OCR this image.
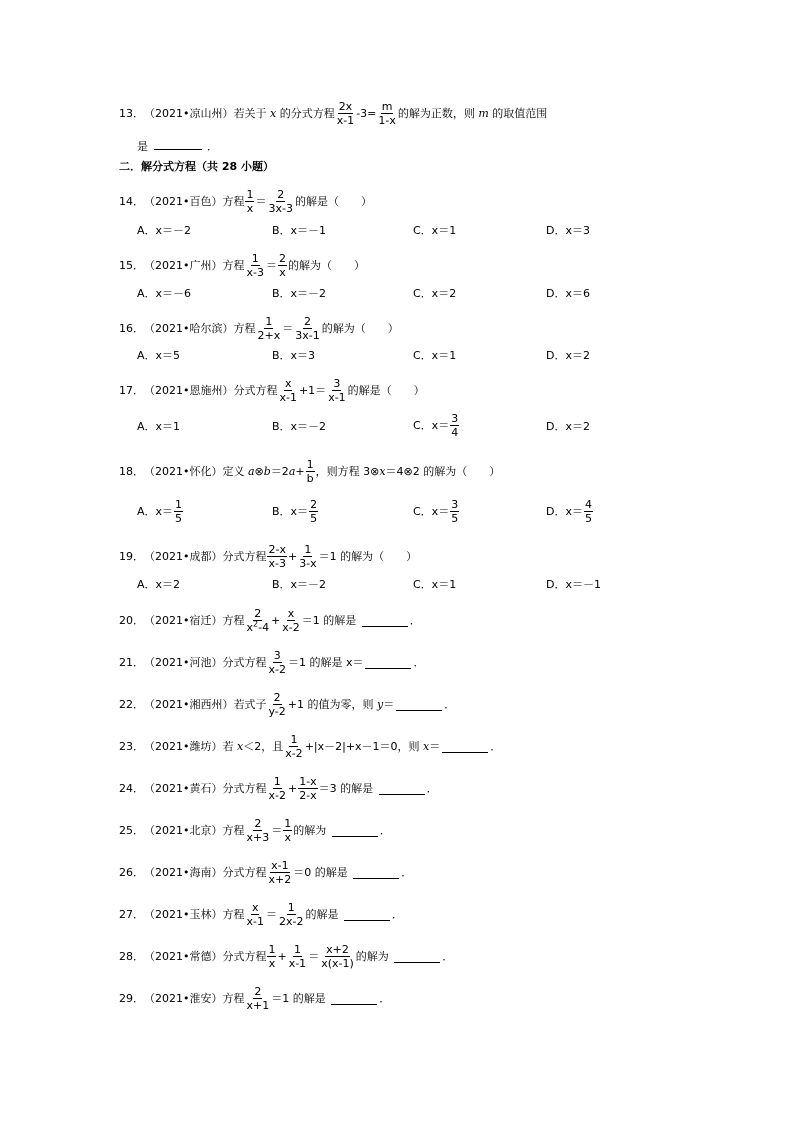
13． （2021•凉山州） 若关于 x 的分式方程 $\frac{2x}{x-1} -3= \frac{m}{1-x}$ 的解为正数，则 m 的取值范围
是	．
二．解分式方程（共 28 小题）
14． （2021•百色） 方程 $\frac{1}{x} = \frac{2}{3x-3}$ 的解是（　　）
A．x＝－2	B．x＝－1	C．x＝1	D．x＝3
15． （2021•广州） 方程 $\frac{1}{x-3} = \frac{2}{x}$ 的解为（　　）
A．x＝－6	B．x＝－2	C．x＝2	D．x＝6
16． （2021•哈尔滨） 方程 $\frac{1}{2+x} = \frac{2}{3x-1}$ 的解为（　　）
A．x＝5	B．x＝3	C．x＝1	D．x＝2
17． （2021•恩施州） 分式方程 $\frac{x}{x-1} +1= \frac{3}{x-1}$ 的解是（　　）
A．x＝1	B．x＝－2	C．$x= \frac{3}{4}$	D．x＝2
18． （2021•怀化） 定义 a ⊗ b ＝2 $a + \frac{1}{b}$ ，则方程 3⊗ x ＝4⊗2 的解为（　　）
A．$x= \frac{1}{5}$	B．$x= \frac{2}{5}$	C．$x= \frac{3}{5}$	D．$x= \frac{4}{5}$
19． （2021•成都） 分式方程 $\frac{2-x}{x-3} + \frac{1}{3-x} =1$ 的解为（　　）
A．x＝2	B．x＝－2	C．x＝1	D．x＝－1
20． （2021•宿迁） 方程 $\frac{2}{x^2-4} + \frac{x}{x-2} =1$ 的解是	．
21． （2021•河池） 分式方程 $\frac{3}{x-2} =1$ 的解是 x＝	．
22． （2021•湘西州） 若式子 $\frac{2}{y-2} +1$ 的值为零，则 y ＝	．
23． （2021•潍坊） 若 x ＜2，且 $\frac{1}{x-2} +|x-2|+x-1=0$，则 x ＝	．
24． （2021•黄石） 分式方程 $\frac{1}{x-2} + \frac{1-x}{2-x} =3$ 的解是	．
25． （2021•北京） 方程 $\frac{2}{x+3} = \frac{1}{x}$ 的解为	．
26． （2021•海南） 分式方程 $\frac{x-1}{x+2} =0$ 的解是	．
27． （2021•玉林） 方程 $\frac{x}{x-1} = \frac{1}{2x-2}$ 的解是	．
28． （2021•常德） 分式方程 $\frac{1}{x} + \frac{1}{x-1} = \frac{x+2}{x(x-1)}$ 的解为	．
29． （2021•淮安） 方程 $\frac{2}{x+1} =1$ 的解是	．
